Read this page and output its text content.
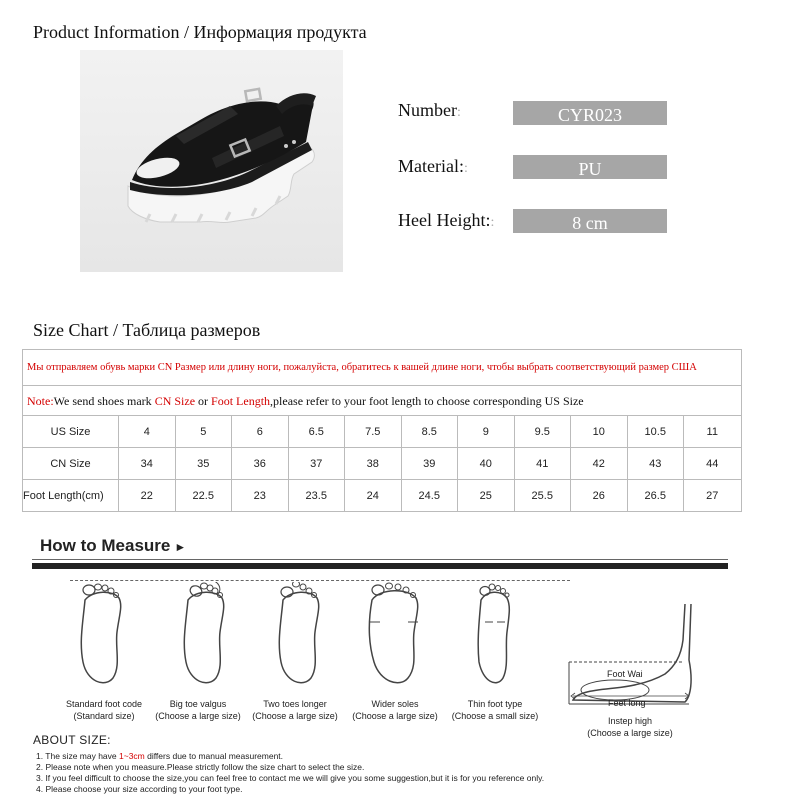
Product Information / Информация продукта
Number:	CYR023
Material::	PU
Heel Height::	8 cm
Size Chart / Таблица размеров
Мы отправляем обувь марки CN Размер или длину ноги, пожалуйста, обратитесь к вашей длине ноги, чтобы выбрать соответствующий размер США
Note:We send shoes mark CN Size or Foot Length,please refer to your foot length to choose corresponding US Size
US Size	4	5	6	6.5	7.5	8.5	9	9.5	10	10.5	11
CN Size	34	35	36	37	38	39	40	41	42	43	44
Foot Length(cm)	22	22.5	23	23.5	24	24.5	25	25.5	26	26.5	27
How to Measure ►
Foot Wai
Feet long
Standard foot code
(Standard size)
Big toe valgus
(Choose a large size)
Two toes longer
(Choose a large size)
Wider soles
(Choose a large size)
Thin foot type
(Choose a small size)	Instep high
(Choose a large size)
ABOUT SIZE:
1. The size may have 1~3cm differs due to manual measurement.
2. Please note when you measure.Please strictly follow the size chart to select the size.
3. If you feel difficult to choose the size,you can feel free to contact me we will give you some suggestion,but it is for you reference only.
4. Please choose your size according to your foot type.
